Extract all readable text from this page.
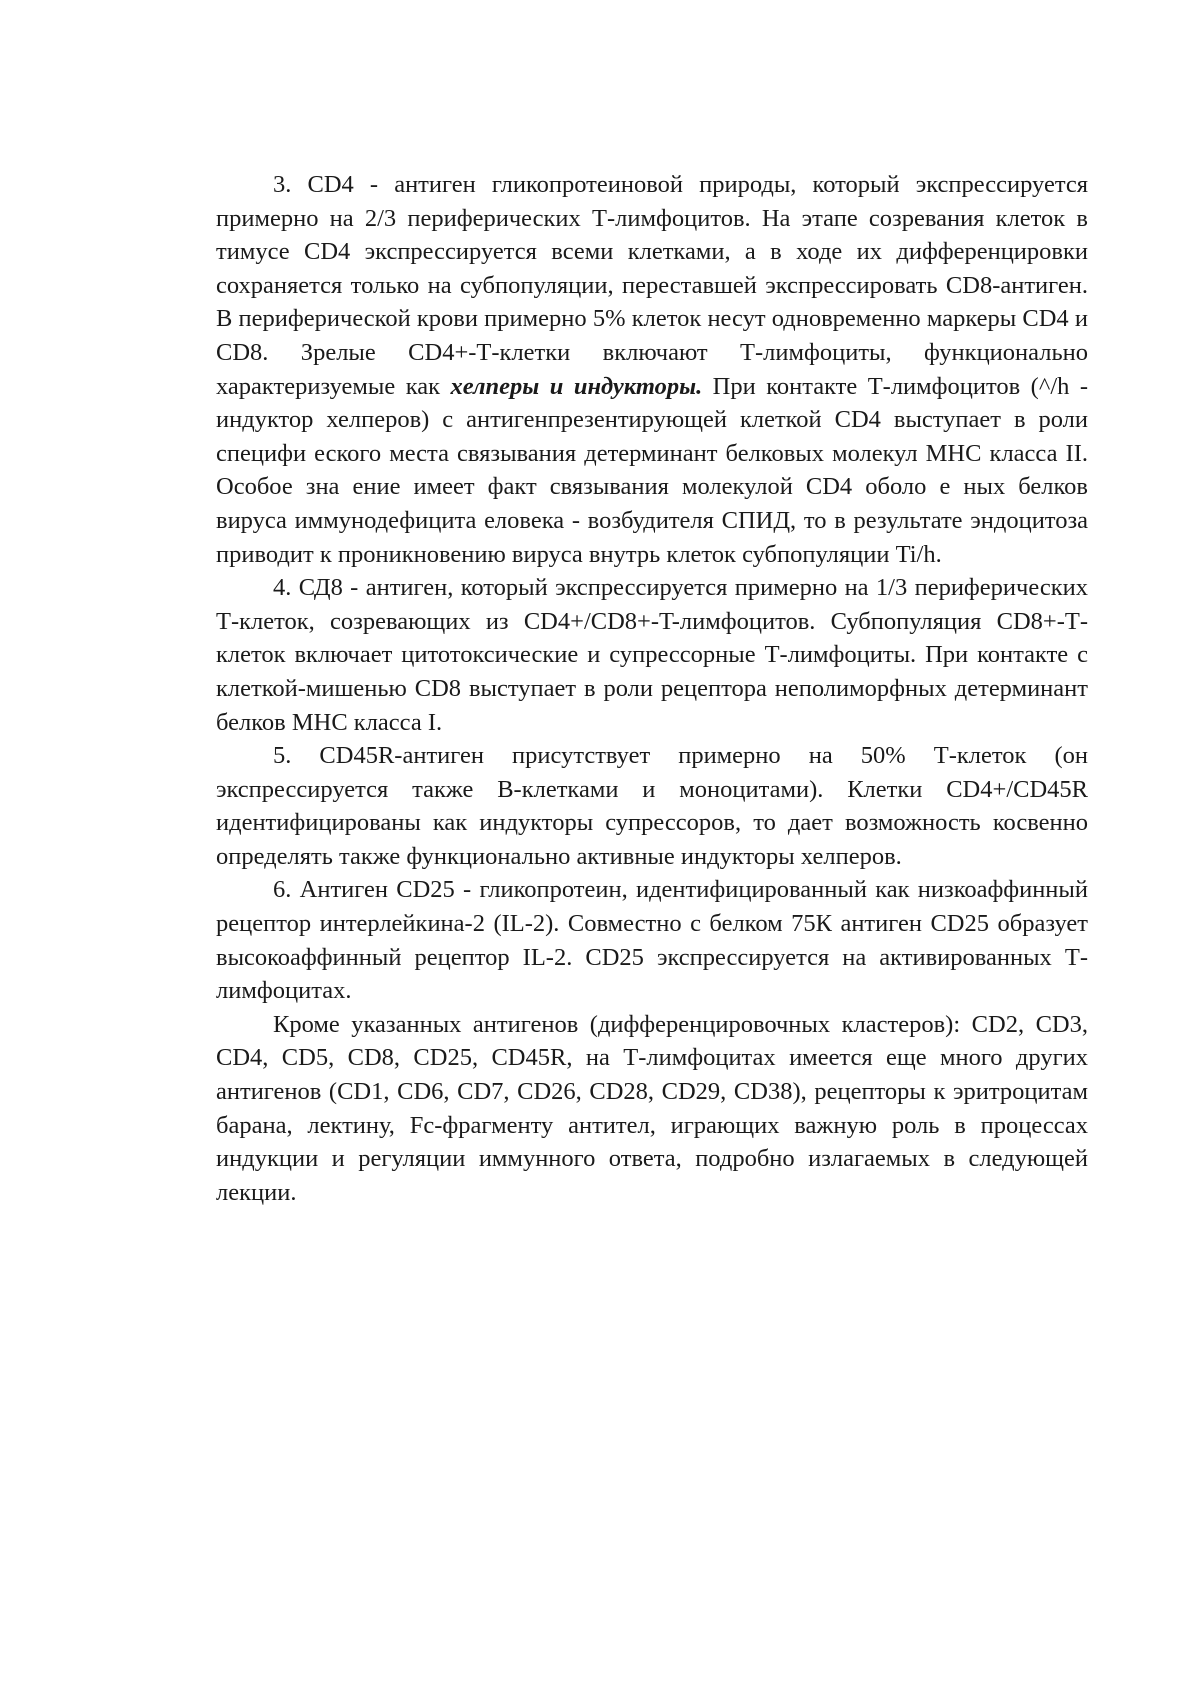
3. CD4 - антиген гликопротеиновой природы, который экспрессируется примерно на 2/3 периферических Т-лимфоцитов. На этапе созревания клеток в тимусе CD4 экспрессируется всеми клетками, а в ходе их дифференцировки сохраняется только на субпопуляции, переставшей экспрессировать CD8-антиген. В периферической крови примерно 5% клеток несут одновременно маркеры CD4 и CD8. Зрелые CD4+-Т-клетки включают Т-лимфоциты, функционально характеризуемые как хелперы и индукторы. При контакте Т-лимфоцитов (^/h - индуктор хелперов) с антигенпрезентирующей клеткой CD4 выступает в роли специфи еского места связывания детерминант белковых молекул МНС класса II. Особое зна ение имеет факт связывания молекулой CD4 оболо е ных белков вируса иммунодефицита еловека - возбудителя СПИД, то в результате эндоцитоза приводит к проникновению вируса внутрь клеток субпопуляции Ti/h.

4. СД8 - антиген, который экспрессируется примерно на 1/3 периферических Т-клеток, созревающих из CD4+/CD8+-T-лимфоцитов. Субпопуляция CD8+-Т-клеток включает цитотоксические и супрессорные Т-лимфоциты. При контакте с клеткой-мишенью CD8 выступает в роли рецептора неполиморфных детерминант белков МНС класса I.

5. CD45R-антиген присутствует примерно на 50% Т-клеток (он экспрессируется также В-клетками и моноцитами). Клетки CD4+/CD45R идентифицированы как индукторы супрессоров, то дает возможность косвенно определять также функционально активные индукторы хелперов.

6. Антиген CD25 - гликопротеин, идентифицированный как низкоаффинный рецептор интерлейкина-2 (IL-2). Совместно с белком 75К антиген CD25 образует высокоаффинный рецептор IL-2. CD25 экспрессируется на активированных Т-лимфоцитах.

Кроме указанных антигенов (дифференцировочных кластеров): CD2, CD3, CD4, CD5, CD8, CD25, CD45R, на Т-лимфоцитах имеется еще много других антигенов (CD1, CD6, CD7, CD26, CD28, CD29, CD38), рецепторы к эритроцитам барана, лектину, Fc-фрагменту антител, играющих важную роль в процессах индукции и регуляции иммунного ответа, подробно излагаемых в следующей лекции.
